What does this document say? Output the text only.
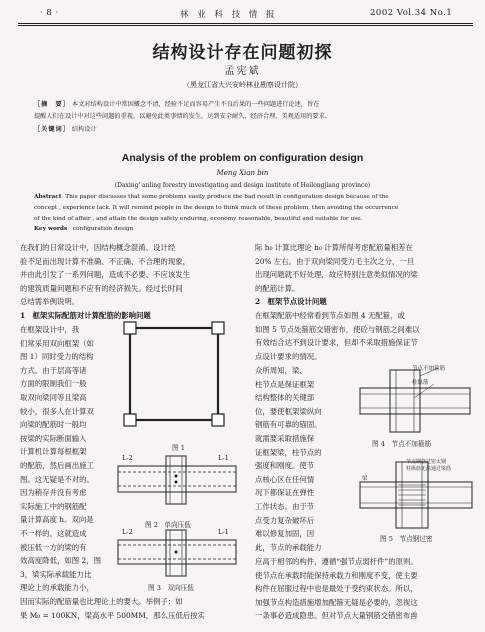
· 8 ·	林 业 科 技 情 报	2002 Vol.34 No.1
结构设计存在问题初探
孟宪斌
（黑龙江省大兴安岭林业勘察设计院）
［摘　要］ 本文对结构设计中常因概念不清，经验不足而容易产生不良后果的一些问题进行论述，旨在
提醒人们在设计中对这些问题的重视，以避免此类事情的发生，达到安全耐久、经济合理、美观适用的要求。
［关键词］ 结构设计
Analysis of the problem on configuration design
Meng Xian bin
(Daxing' anling forestry investigating and design institute of Heilongjiang province)
Abstract This paper discusses that some problems easily produce the bad result in configuration design because of the
concept , experience lack. It will remind people in the design to think much of these problem, then avoiding the occurrence
of the kind of affair , and attain the design safety enduring, economy reasonable, beautiful and suitable for use.
Key words configuration design
在我们的日常设计中，因结构概念混淆、设计经
验不足而出现计算不准确、不正确、不合理的现象，
并由此引发了一系列问题，造成不必要、不应该发生
的建筑质量问题和不应有的经济损失。经过长时间
总结需举例说明。
1　框架实际配筋对计算配筋的影响问题
在框架设计中，我
们常采用双向框架（如
图 1）同时受力的结构
方式。由于层高等诸
方面的限制我们一般
取双向梁同等且梁高
较小，很多人在计算双
向梁的配筋时一般均
按梁的实际断面输入
计算机计算每根框架
的配筋，然后画出施工
图。这无疑是不对的。
因为稍存并没有考虑
实际施工中的钢筋配
量计算高度 h。双向是
不一样的。这就造成
被压低一方的梁的有
效高度降低，如图 2，图
3，梁实际承载能力比
理论上的承载能力小，
因而实际的配筋量也比理论上的要大。举例子：如
果 M₀ = 100KN，梁高水平 500MM，那么压低后按实
图 1
L-2	L-1
图 2　单向压低
L-2	L-1
图 3　双向压低
际 h₀ 计算比理论 h₀ 计算所得考虑配筋量相差在
20% 左右。由于双向梁同受力毛主次之分，一旦
出现问题就不好处理，故应特别注意类似情况的梁
的配筋计算。
2　框架节点设计问题
在框架配筋中经常看到节点如图 4 无配箍，或
如图 5 节点处箍筋交错密布，使砼与钢筋之间难以
有效结合达不到设计要求，但却不采取措施保证节
点设计要求的情况。
众所周知，梁、
柱节点是保证框架
结构整体的关键部
位，要使框架梁纵向
钢筋有可靠的锚固。
就需要采取措施保
证框架梁，柱节点的
强度和刚度。使节
点核心区在任何情
况下都保证在弹性
工作状态。由于节
点受力复杂破坏后
难以修复加固，因
此，节点的承载能力
应高于相邻的构件，遵循“强节点弱杆件”的原则。
使节点在承载时能保持承载力和刚度不变，使主要
构件在屈服过程中也是最处于受约束状态。所以，
加强节点构造措施增加配箍无疑是必要的，忽视这
一条事必造成隐患。但对节点大量钢筋交错密布兽
节点不加箍筋
柱纵筋
图 4　节点不加箍筋
节点钢筋过密太钢
柱纵筋无法通过梁筋
梁
图 5　节点钢过密
